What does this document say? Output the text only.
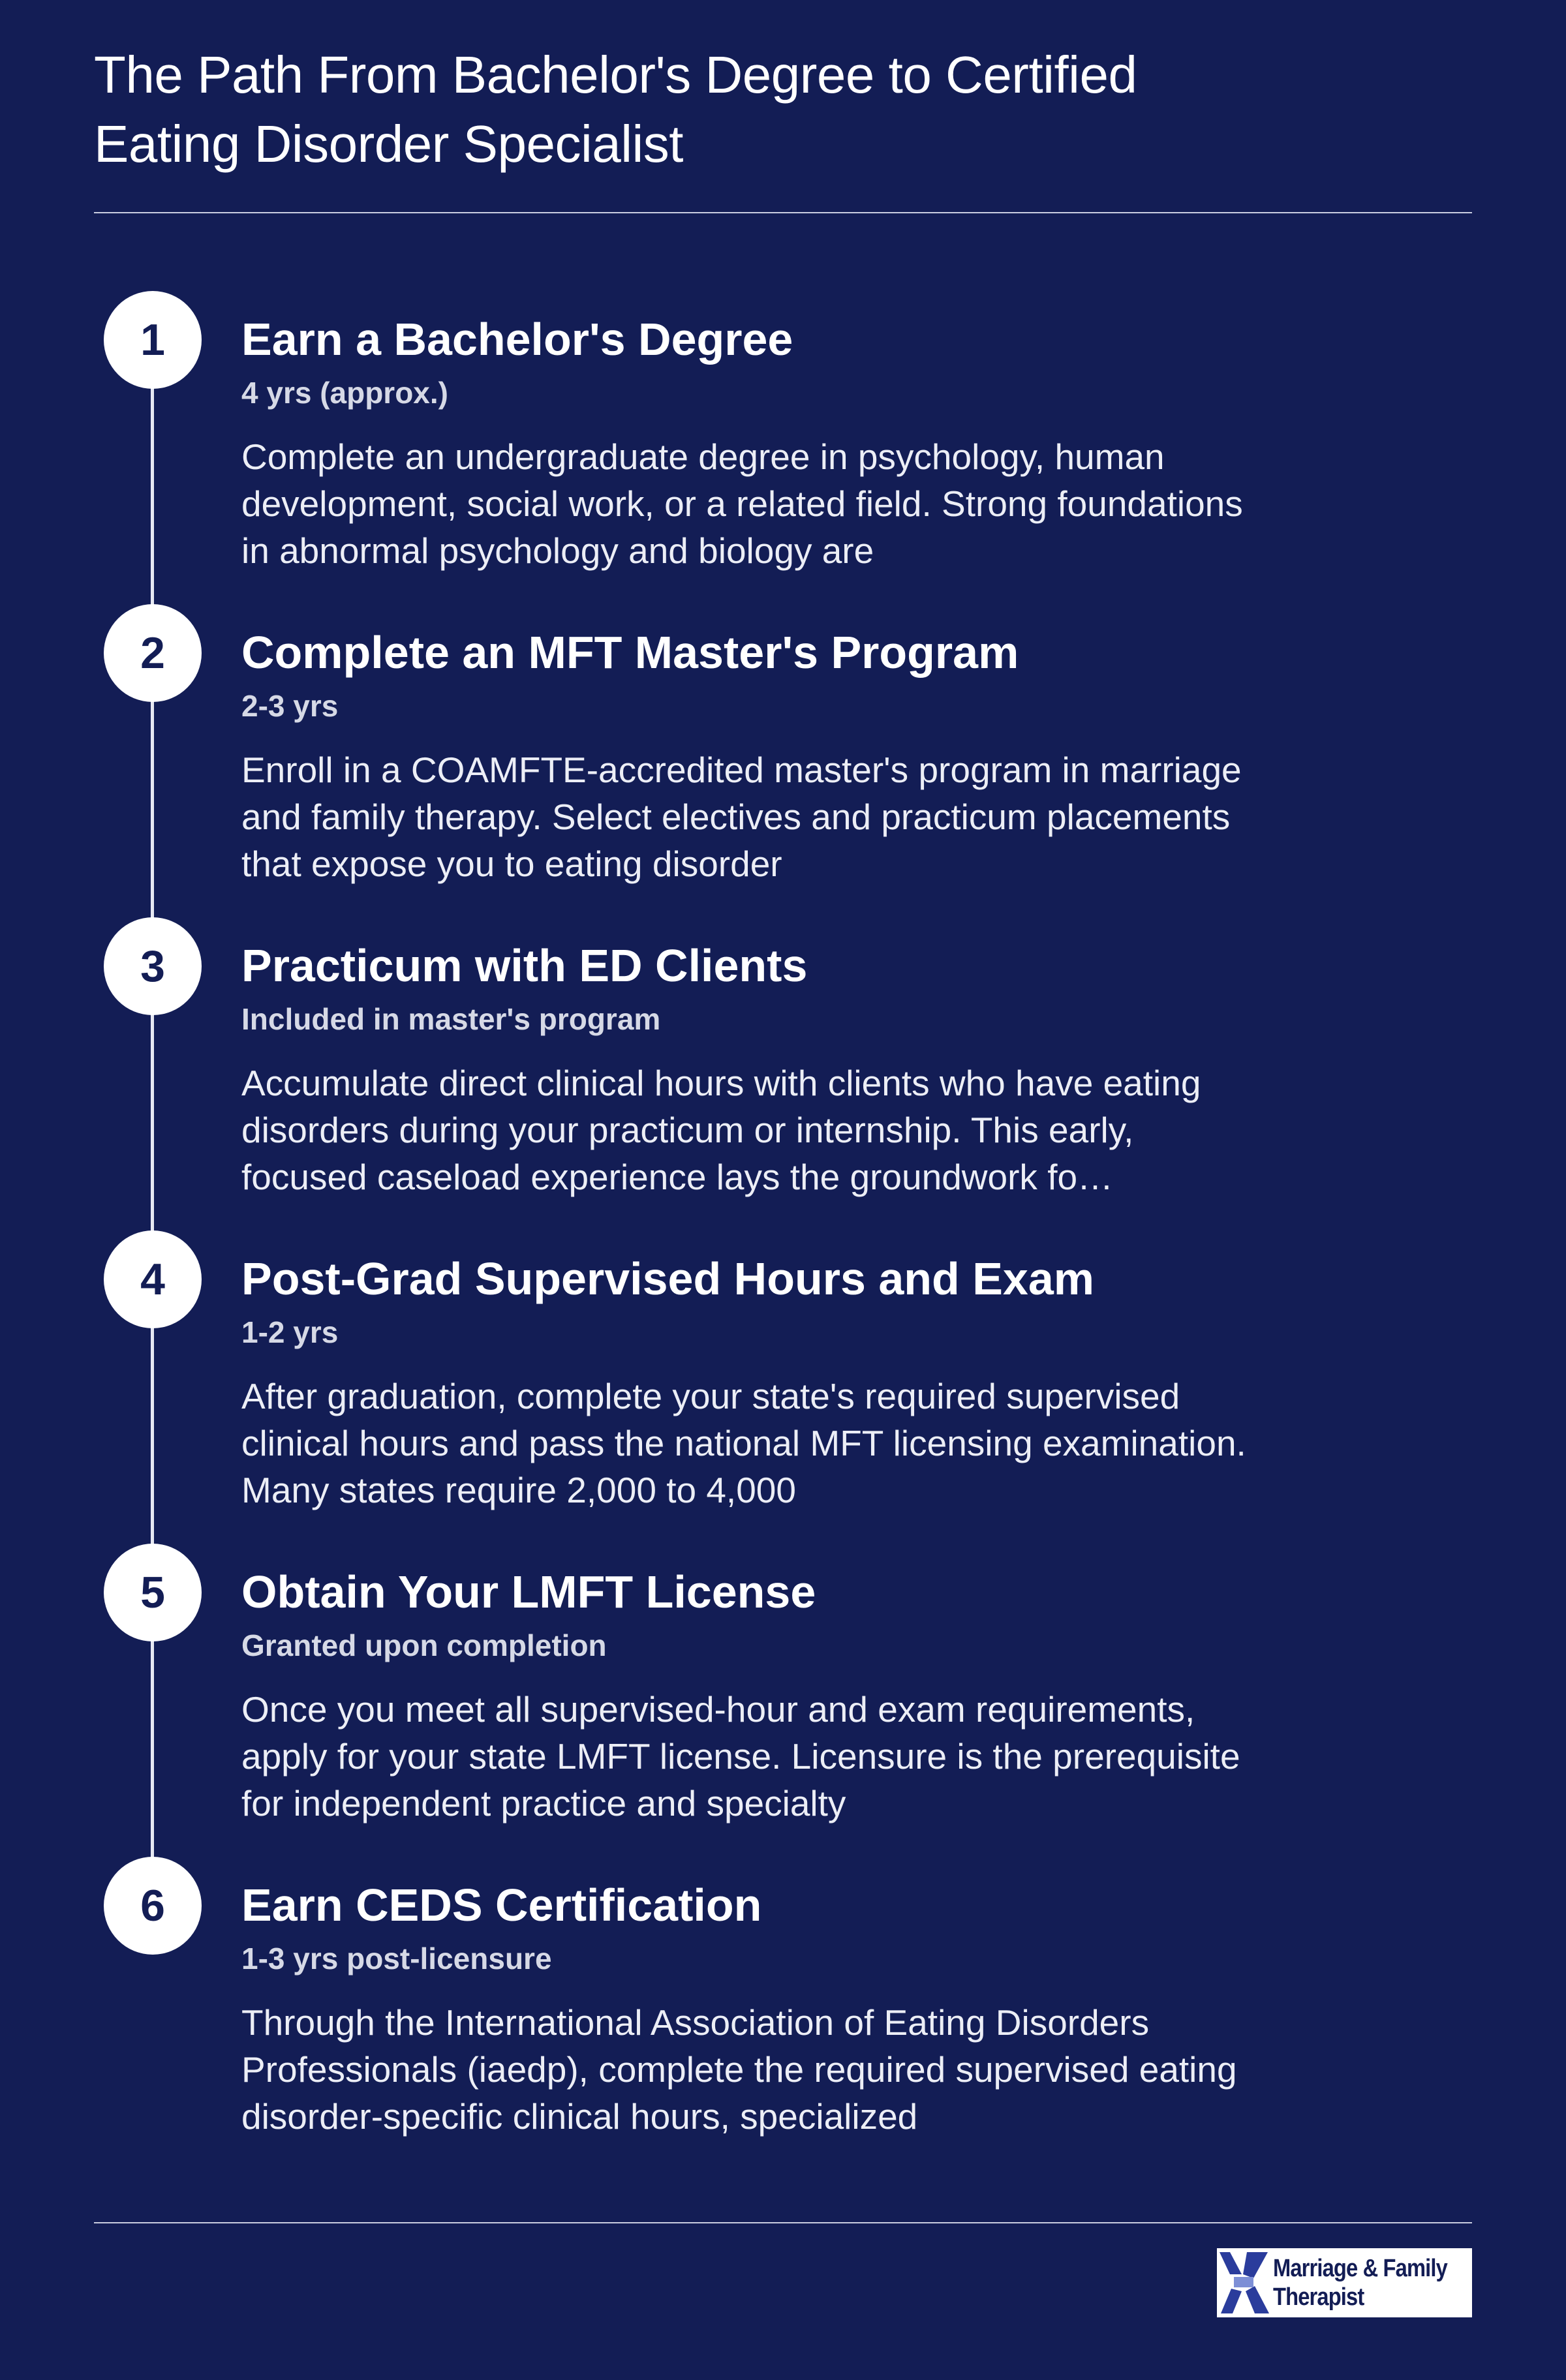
The Path From Bachelor's Degree to Certified Eating Disorder Specialist
1	Earn a Bachelor's Degree
4 yrs (approx.)
Complete an undergraduate degree in psychology, human development, social work, or a related field. Strong foundations in abnormal psychology and biology are
2	Complete an MFT Master's Program
2-3 yrs
Enroll in a COAMFTE-accredited master's program in marriage and family therapy. Select electives and practicum placements that expose you to eating disorder
3	Practicum with ED Clients
Included in master's program
Accumulate direct clinical hours with clients who have eating disorders during your practicum or internship. This early, focused caseload experience lays the groundwork fo…
4	Post-Grad Supervised Hours and Exam
1-2 yrs
After graduation, complete your state's required supervised clinical hours and pass the national MFT licensing examination. Many states require 2,000 to 4,000
5	Obtain Your LMFT License
Granted upon completion
Once you meet all supervised-hour and exam requirements, apply for your state LMFT license. Licensure is the prerequisite for independent practice and specialty
6	Earn CEDS Certification
1-3 yrs post-licensure
Through the International Association of Eating Disorders Professionals (iaedp), complete the required supervised eating disorder-specific clinical hours, specialized
Marriage & Family
Therapist
